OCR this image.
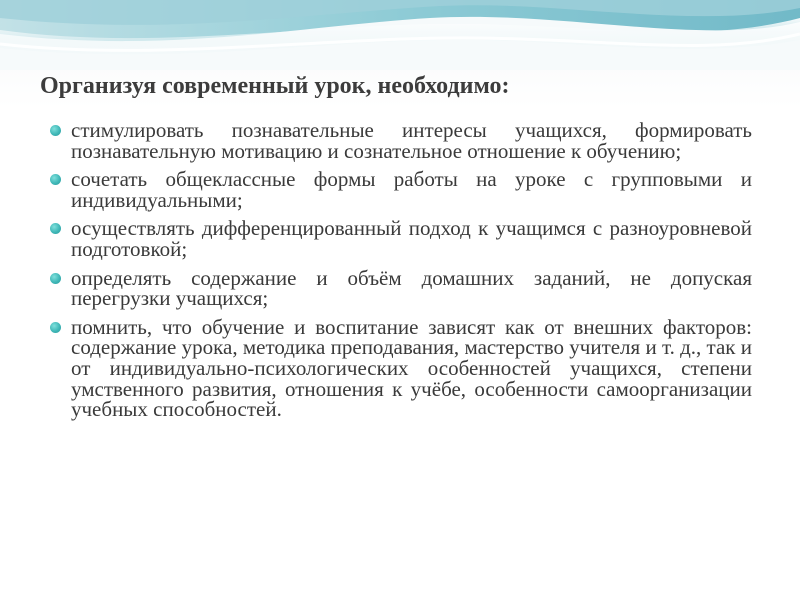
Организуя современный урок, необходимо:
стимулировать познавательные интересы учащихся, формировать познавательную мотивацию и сознательное отношение к обучению;
сочетать общеклассные формы работы на уроке с групповыми и индивидуальными;
осуществлять дифференцированный подход к учащимся с разноуровневой подготовкой;
определять содержание и объём домашних заданий, не допуская перегрузки учащихся;
помнить, что обучение и воспитание зависят как от внешних факторов: содержание урока, методика преподавания, мастерство учителя и т. д., так и от индивидуально-психологических особенностей учащихся, степени умственного развития, отношения к учёбе, особенности самоорганизации учебных способностей.
